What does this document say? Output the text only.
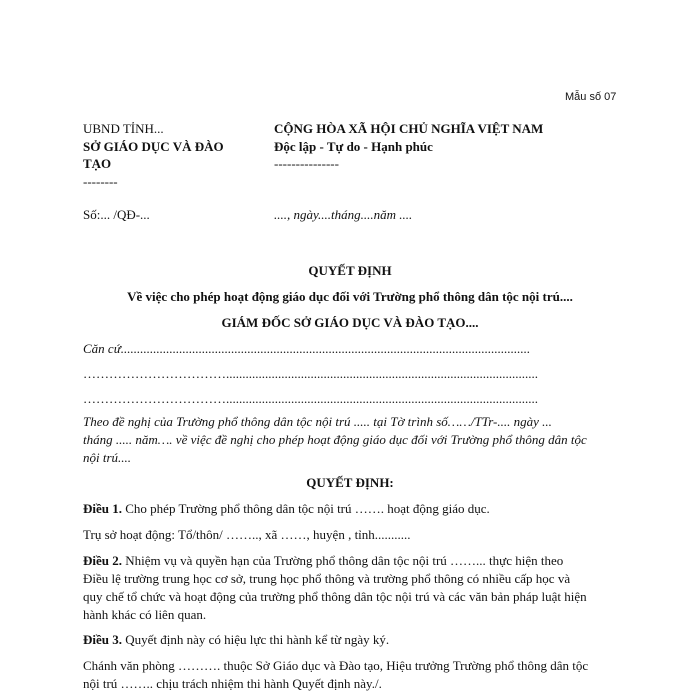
Mẫu số 07
UBND TỈNH...
SỞ GIÁO DỤC VÀ ĐÀO
TẠO
--------
CỘNG HÒA XÃ HỘI CHỦ NGHĨA VIỆT NAM
Độc lập - Tự do - Hạnh phúc
---------------
Số:... /QĐ-...	...., ngày....tháng....năm ....
QUYẾT ĐỊNH
Về việc cho phép hoạt động giáo dục đối với Trường phổ thông dân tộc nội trú....
GIÁM ĐỐC SỞ GIÁO DỤC VÀ ĐÀO TẠO....
Căn cứ..............................................................................................................................
……………………………................................................................................................
……………………………................................................................................................
Theo đề nghị của Trường phổ thông dân tộc nội trú ..... tại Tờ trình số……/TTr-.... ngày ...
tháng ..... năm…. về việc đề nghị cho phép hoạt động giáo dục đối với Trường phổ thông dân tộc
nội trú....
QUYẾT ĐỊNH:
Điều 1. Cho phép Trường phổ thông dân tộc nội trú ……. hoạt động giáo dục.
Trụ sở hoạt động: Tổ/thôn/ …….., xã ……, huyện , tỉnh...........
Điều 2. Nhiệm vụ và quyền hạn của Trường phổ thông dân tộc nội trú ……... thực hiện theo
Điều lệ trường trung học cơ sở, trung học phổ thông và trường phổ thông có nhiều cấp học và
quy chế tổ chức và hoạt động của trường phổ thông dân tộc nội trú và các văn bản pháp luật hiện
hành khác có liên quan.
Điều 3. Quyết định này có hiệu lực thi hành kể từ ngày ký.
Chánh văn phòng ………. thuộc Sở Giáo dục và Đào tạo, Hiệu trưởng Trường phổ thông dân tộc
nội trú …….. chịu trách nhiệm thi hành Quyết định này./.
